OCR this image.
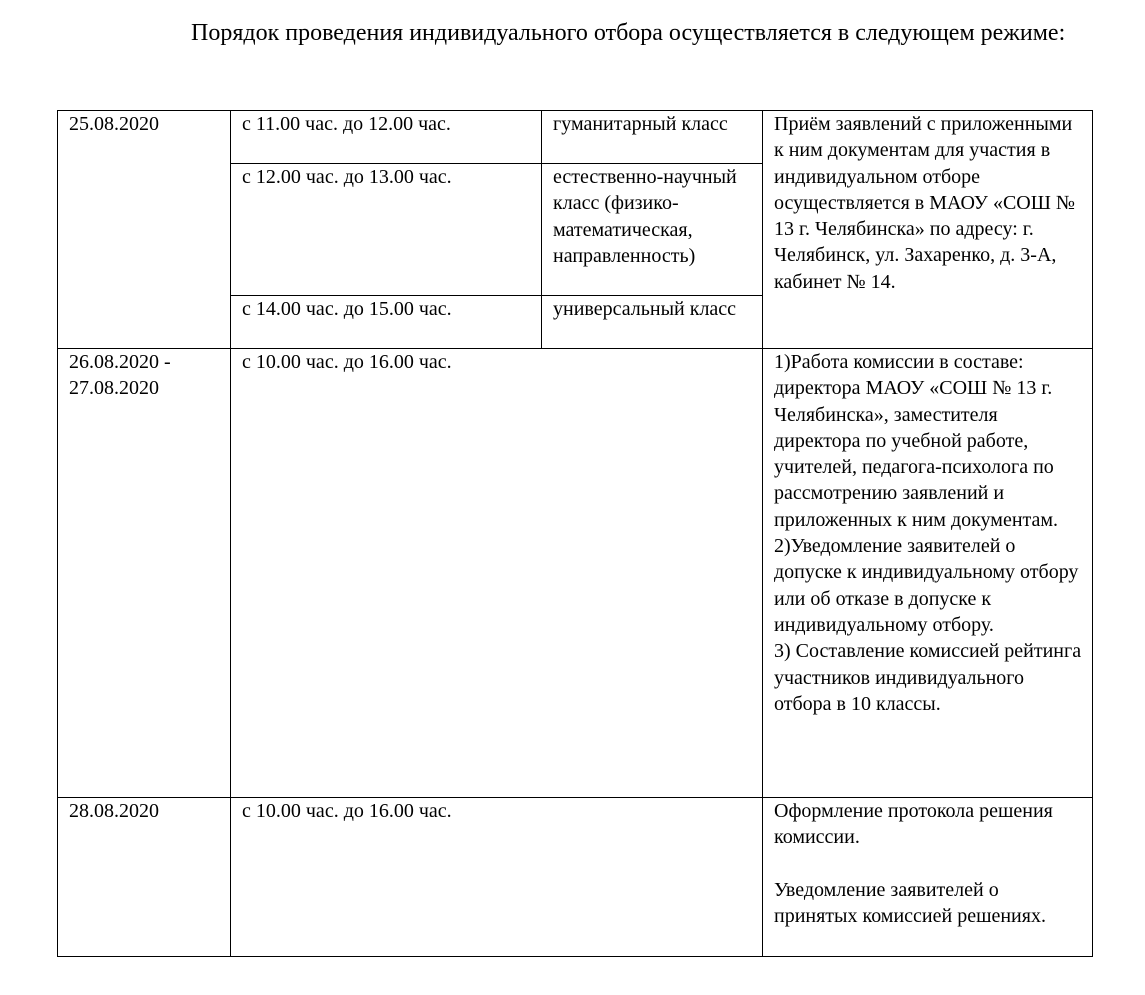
Порядок проведения индивидуального отбора осуществляется в следующем режиме:

25.08.2020	с 11.00 час. до 12.00 час.	гуманитарный класс	Приём заявлений с приложенными к ним документам для участия в индивидуальном отборе осуществляется в МАОУ «СОШ № 13 г. Челябинска» по адресу: г. Челябинск, ул. Захаренко, д. 3-А, кабинет № 14.
	с 12.00 час. до 13.00 час.	естественно-научный класс (физико-математическая, направленность)	
	с 14.00 час. до 15.00 час.	универсальный класс	
26.08.2020 - 27.08.2020	с 10.00 час. до 16.00 час.		1)Работа комиссии в составе: директора МАОУ «СОШ № 13 г. Челябинска», заместителя директора по учебной работе, учителей, педагога-психолога по рассмотрению заявлений и приложенных к ним документам.
2)Уведомление заявителей о допуске к индивидуальному отбору или об отказе в допуске к индивидуальному отбору.
3) Составление комиссией рейтинга участников индивидуального отбора в 10 классы.

28.08.2020	с 10.00 час. до 16.00 час.		Оформление протокола решения комиссии.
Уведомление заявителей о принятых комиссией решениях.
